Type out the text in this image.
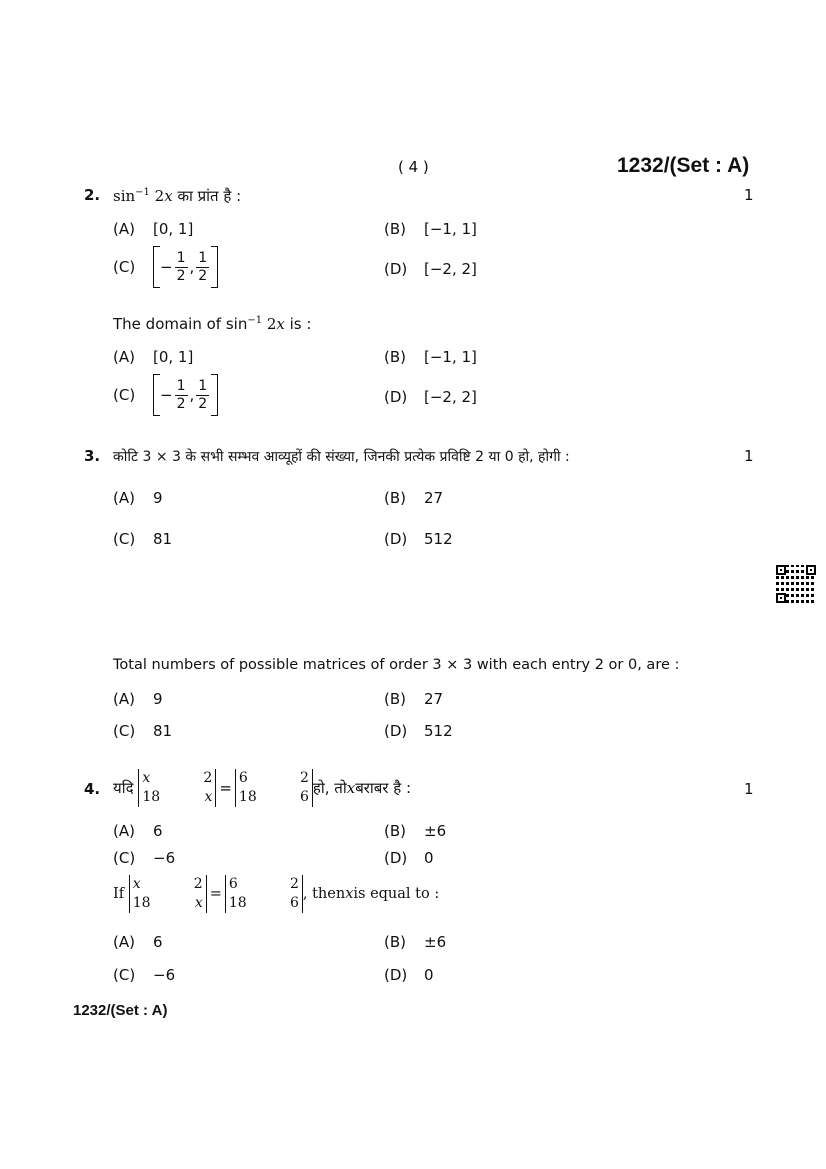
( 4 )	1232/(Set : A)
2. $\sin^{-1} 2x$ का प्रांत है :	1
(A) [0, 1]	(B) [−1, 1]
(C)	− $\frac{1}{2}$ , $\frac{1}{2}$	(D) [−2, 2]
The domain of $\sin^{-1} 2x$ is :
(A) [0, 1]	(B) [−1, 1]
(C)	− $\frac{1}{2}$ , $\frac{1}{2}$	(D) [−2, 2]
3. कोटि 3 × 3 के सभी सम्भव आव्यूहों की संख्या, जिनकी प्रत्येक प्रविष्टि 2 या 0 हो, होगी :	1
(A) 9	(B) 27
(C) 81	(D) 512
Total numbers of possible matrices of order 3 × 3 with each entry 2 or 0, are :
(A) 9	(B) 27
(C) 81	(D) 512
4. यदि

x	2
18	x =
6	2
18	6 हो, तो x बराबर है :	1
(A) 6	(B) ±6
(C) −6	(D) 0
If

x	2
18	x
=
6	2
18	6
, then x is equal to :
(A) 6	(B) ±6
(C) −6	(D) 0
1232/(Set : A)
